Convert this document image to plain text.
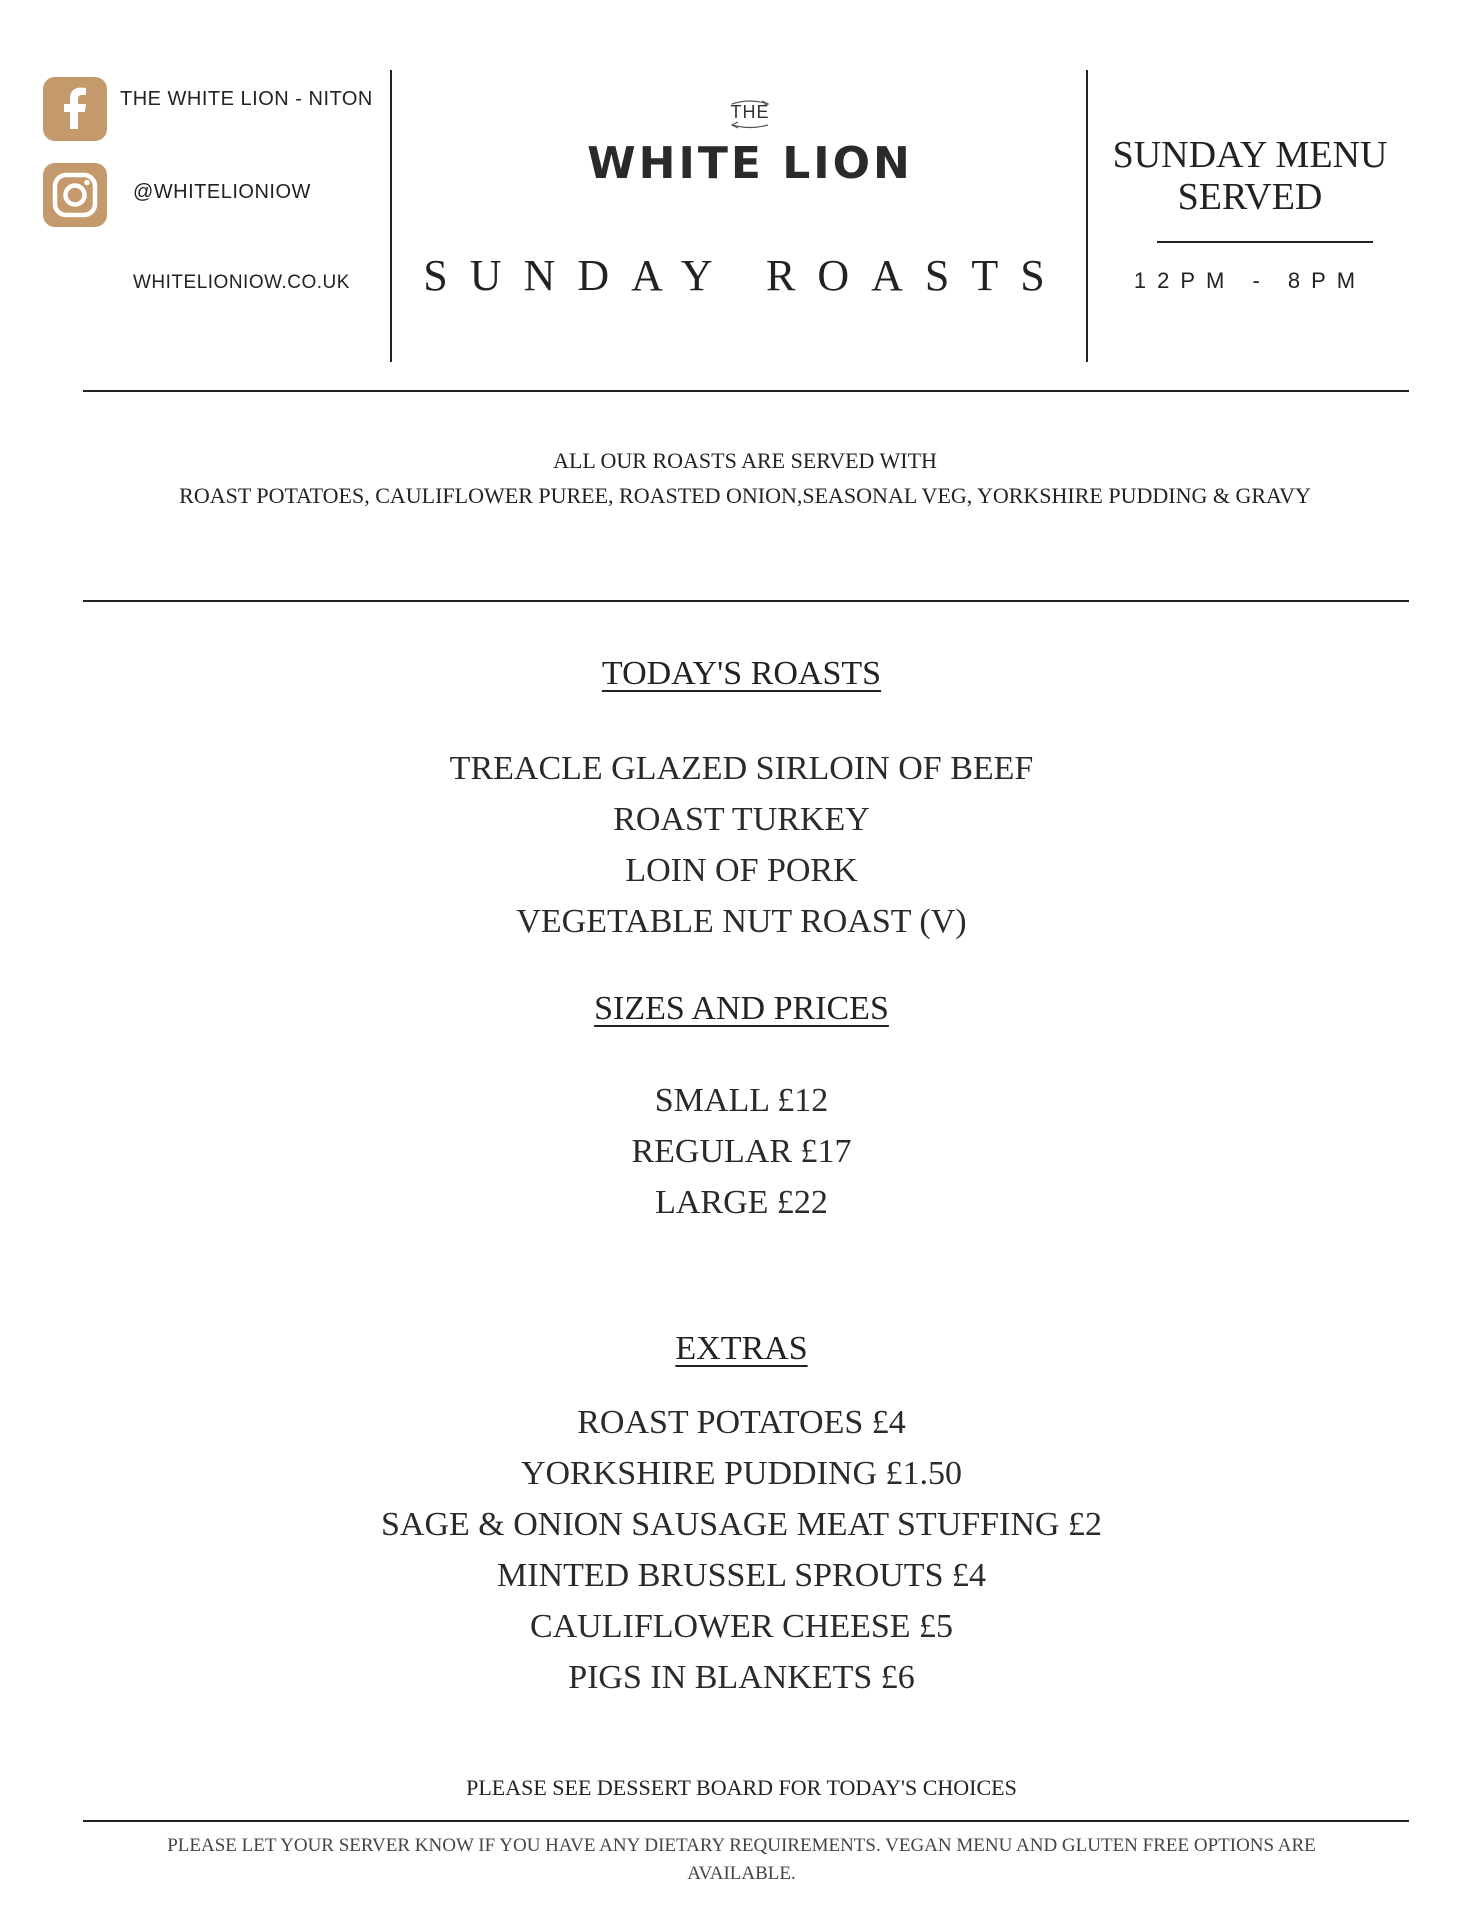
THE WHITE LION - NITON
@WHITELIONIOW
WHITELIONIOW.CO.UK
THE
WHITE LION
SUNDAY ROASTS
SUNDAY MENU SERVED
12PM - 8PM
ALL OUR ROASTS ARE SERVED WITH
ROAST POTATOES, CAULIFLOWER PUREE, ROASTED ONION,SEASONAL VEG, YORKSHIRE PUDDING & GRAVY
TODAY'S ROASTS
TREACLE GLAZED SIRLOIN OF BEEF
ROAST TURKEY
LOIN OF PORK
VEGETABLE NUT ROAST (V)
SIZES AND PRICES
SMALL £12
REGULAR £17
LARGE £22
EXTRAS
ROAST POTATOES £4
YORKSHIRE PUDDING £1.50
SAGE & ONION SAUSAGE MEAT STUFFING £2
MINTED BRUSSEL SPROUTS £4
CAULIFLOWER CHEESE £5
PIGS IN BLANKETS £6
PLEASE SEE DESSERT BOARD FOR TODAY'S CHOICES
PLEASE LET YOUR SERVER KNOW IF YOU HAVE ANY DIETARY REQUIREMENTS. VEGAN MENU AND GLUTEN FREE OPTIONS ARE AVAILABLE.
